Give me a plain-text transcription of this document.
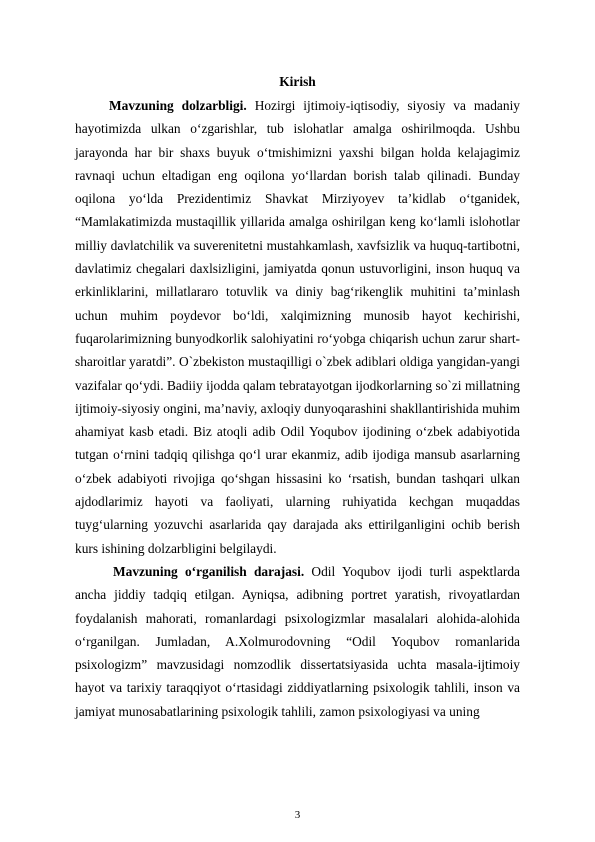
Kirish

Mavzuning dolzarbligi. Hozirgi ijtimoiy-iqtisodiy, siyosiy va madaniy hayotimizda ulkan o‘zgarishlar, tub islohatlar amalga oshirilmoqda. Ushbu jarayonda har bir shaxs buyuk o‘tmishimizni yaxshi bilgan holda kelajagimiz ravnaqi uchun eltadigan eng oqilona yo‘llardan borish talab qilinadi. Bunday oqilona yo‘lda Prezidentimiz Shavkat Mirziyoyev ta’kidlab o‘tganidek, “Mamlakatimizda mustaqillik yillarida amalga oshirilgan keng ko‘lamli islohotlar milliy davlatchilik va suverenitetni mustahkamlash, xavfsizlik va huquq-tartibotni, davlatimiz chegalari daxlsizligini, jamiyatda qonun ustuvorligini, inson huquq va erkinliklarini, millatlararo totuvlik va diniy bag‘rikenglik muhitini ta’minlash uchun muhim poydevor bo‘ldi, xalqimizning munosib hayot kechirishi, fuqarolarimizning bunyodkorlik salohiyatini ro‘yobga chiqarish uchun zarur shart-sharoitlar yaratdi”. O`zbekiston mustaqilligi o`zbek adiblari oldiga yangidan-yangi vazifalar qo‘ydi. Badiiy ijodda qalam tebratayotgan ijodkorlarning so`zi millatning ijtimoiy-siyosiy ongini, ma’naviy, axloqiy dunyoqarashini shakllantirishida muhim ahamiyat kasb etadi. Biz atoqli adib Odil Yoqubov ijodining o‘zbek adabiyotida tutgan o‘rnini tadqiq qilishga qo‘l urar ekanmiz, adib ijodiga mansub asarlarning o‘zbek adabiyoti rivojiga qo‘shgan hissasini ko ‘rsatish, bundan tashqari ulkan ajdodlarimiz hayoti va faoliyati, ularning ruhiyatida kechgan muqaddas tuyg‘ularning yozuvchi asarlarida qay darajada aks ettirilganligini ochib berish kurs ishining dolzarbligini belgilaydi.

Mavzuning o‘rganilish darajasi. Odil Yoqubov ijodi turli aspektlarda ancha jiddiy tadqiq etilgan. Ayniqsa, adibning portret yaratish, rivoyatlardan foydalanish mahorati, romanlardagi psixologizmlar masalalari alohida-alohida o‘rganilgan. Jumladan, A.Xolmurodovning “Odil Yoqubov romanlarida psixologizm” mavzusidagi nomzodlik dissertatsiyasida uchta masala-ijtimoiy hayot va tarixiy taraqqiyot o‘rtasidagi ziddiyatlarning psixologik tahlili, inson va jamiyat munosabatlarining psixologik tahlili, zamon psixologiyasi va uning

3
